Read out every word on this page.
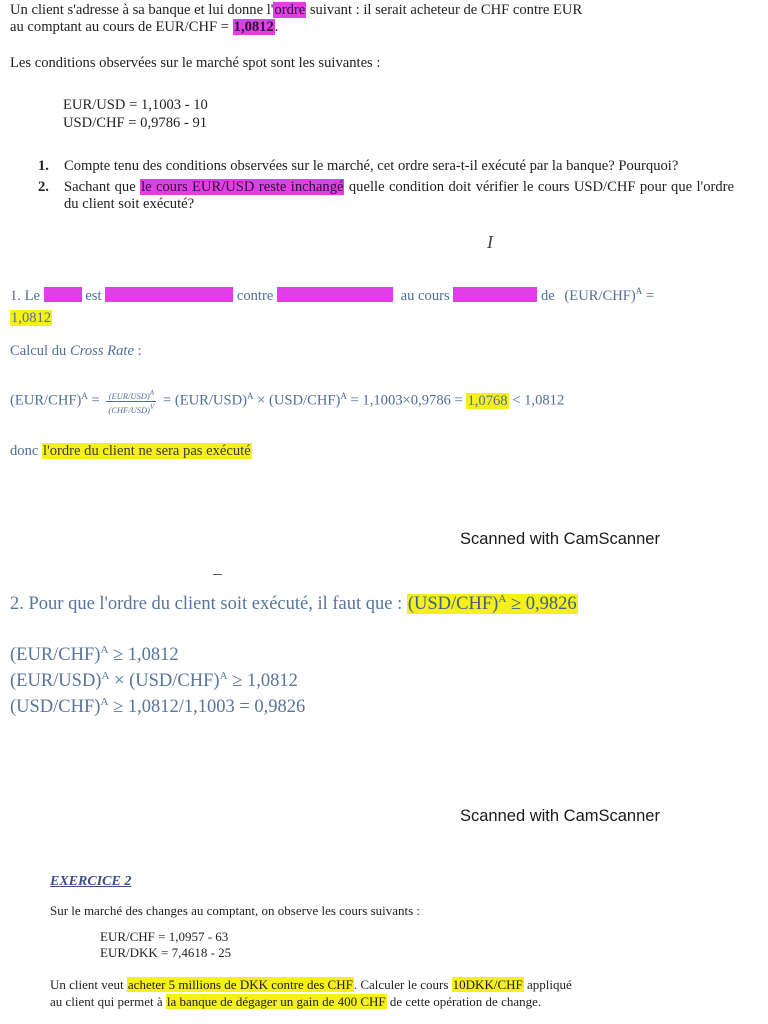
Un client s'adresse à sa banque et lui donne l'ordre suivant : il serait acheteur de CHF contre EUR
au comptant au cours de EUR/CHF = 1,0812.
Les conditions observées sur le marché spot sont les suivantes :
EUR/USD = 1,1003 - 10
USD/CHF = 0,9786 - 91
1. Compte tenu des conditions observées sur le marché, cet ordre sera-t-il exécuté par la banque? Pourquoi?
2. Sachant que le cours EUR/USD reste inchangé quelle condition doit vérifier le cours USD/CHF pour que l'ordre du client soit exécuté?
I
1. Le	est	contre	au cours	de $(EUR/CHF)^A$ =
1,0812
Calcul du Cross Rate :
$(EUR/CHF)^A = \frac{(EUR/USD)^A}{(CHF/USD)^V} = (EUR/USD)^A \times (USD/CHF)^A = 1,1003\times 0,9786 = 1,0768 < 1,0812$
donc l'ordre du client ne sera pas exécuté
Scanned with CamScanner
2. Pour que l'ordre du client soit exécuté, il faut que : $(USD/CHF)^A \ge 0,9826$
$(EUR/CHF)^A \ge 1,0812$
$(EUR/USD)^A \times (USD/CHF)^A \ge 1,0812$
$(USD/CHF)^A \ge 1,0812/1,1003 = 0,9826$
Scanned with CamScanner
EXERCICE 2
Sur le marché des changes au comptant, on observe les cours suivants :
EUR/CHF = 1,0957 - 63
EUR/DKK = 7,4618 - 25
Un client veut acheter 5 millions de DKK contre des CHF. Calculer le cours 10DKK/CHF appliqué
au client qui permet à la banque de dégager un gain de 400 CHF de cette opération de change.
